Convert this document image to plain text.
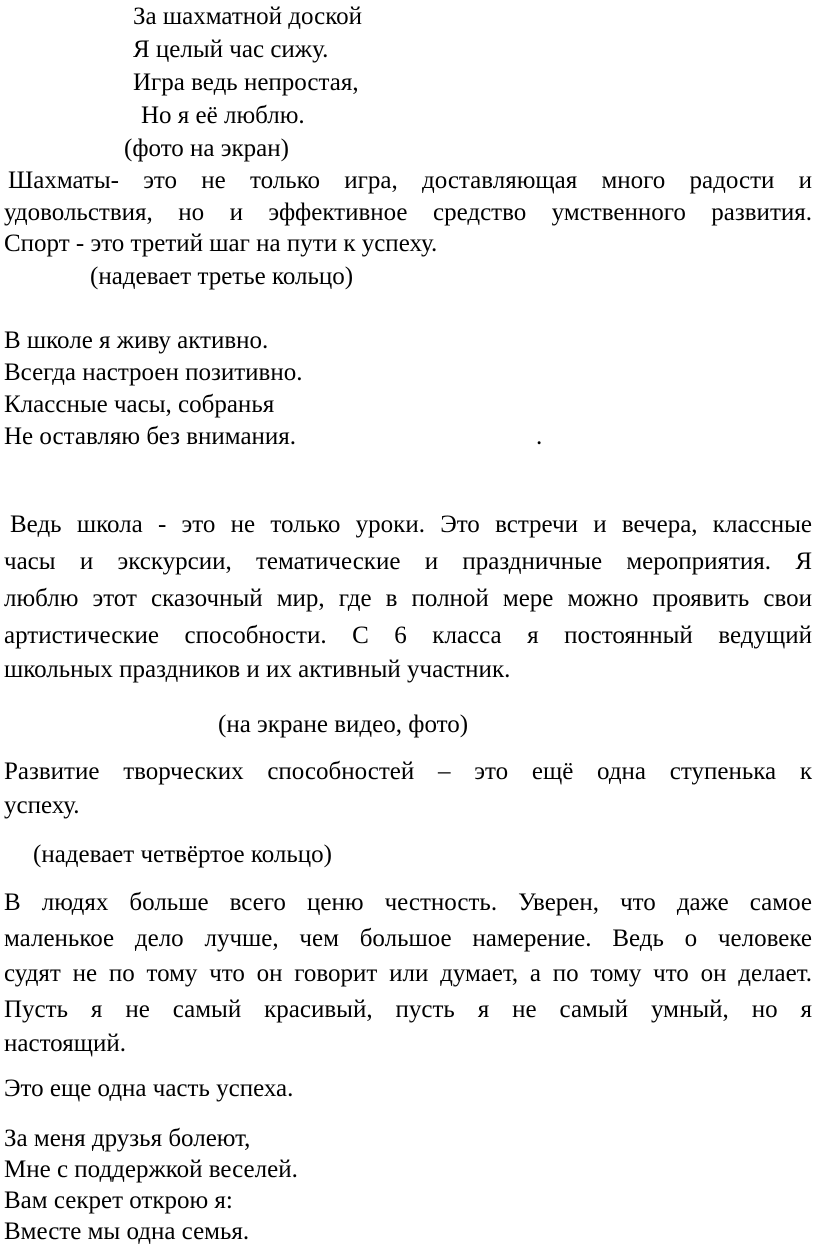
За шахматной доской
Я целый час сижу.
Игра ведь непростая,
Но я её люблю.
(фото на экран)
Шахматы- это не только игра, доставляющая много радости и
удовольствия, но и эффективное средство умственного развития.
Спорт - это третий шаг на пути к успеху.
(надевает третье кольцо)
В школе я живу активно.
Всегда настроен позитивно.
Классные часы, собранья
Не оставляю без внимания.	.
Ведь школа - это не только уроки. Это встречи и вечера, классные
часы и экскурсии, тематические и праздничные мероприятия. Я
люблю этот сказочный мир, где в полной мере можно проявить свои
артистические способности. С 6 класса я постоянный ведущий
школьных праздников и их активный участник.
(на экране видео, фото)
Развитие творческих способностей – это ещё одна ступенька к
успеху.
(надевает четвёртое кольцо)
В людях больше всего ценю честность. Уверен, что даже самое
маленькое дело лучше, чем большое намерение. Ведь о человеке
судят не по тому что он говорит или думает, а по тому что он делает.
Пусть я не самый красивый, пусть я не самый умный, но я
настоящий.
Это еще одна часть успеха.
За меня друзья болеют,
Мне с поддержкой веселей.
Вам секрет открою я:
Вместе мы одна семья.
